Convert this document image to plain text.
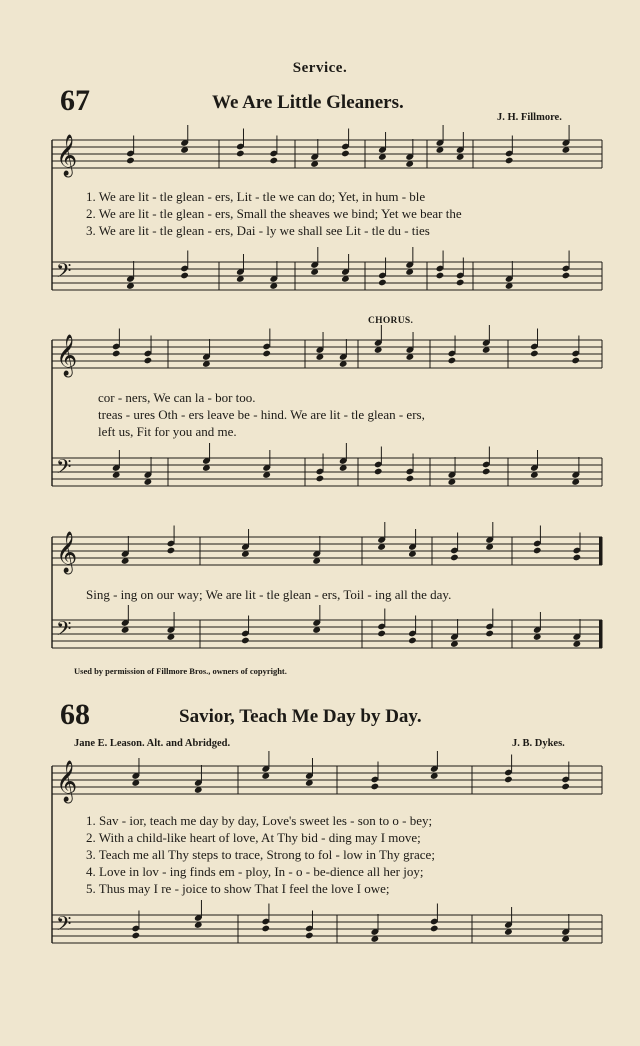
Service.
67	We Are Little Gleaners.
J. H. Fillmore.
𝄞
𝄢
𝄞
𝄢
𝄞
𝄢
𝄞
𝄢
1. We are lit - tle glean - ers, Lit - tle we can do; Yet, in hum - ble
2. We are lit - tle glean - ers, Small the sheaves we bind; Yet we bear the
3. We are lit - tle glean - ers, Dai - ly we shall see Lit - tle du - ties
CHORUS.
cor - ners, We can la - bor too.
treas - ures Oth - ers leave be - hind. We are lit - tle glean - ers,
left us, Fit for you and me.
Sing - ing on our way; We are lit - tle glean - ers, Toil - ing all the day.
Used by permission of Fillmore Bros., owners of copyright.
68	Savior, Teach Me Day by Day.
Jane E. Leason. Alt. and Abridged.	J. B. Dykes.
1. Sav - ior, teach me day by day, Love's sweet les - son to o - bey;
2. With a child-like heart of love, At Thy bid - ding may I move;
3. Teach me all Thy steps to trace, Strong to fol - low in Thy grace;
4. Love in lov - ing finds em - ploy, In - o - be-dience all her joy;
5. Thus may I re - joice to show That I feel the love I owe;
